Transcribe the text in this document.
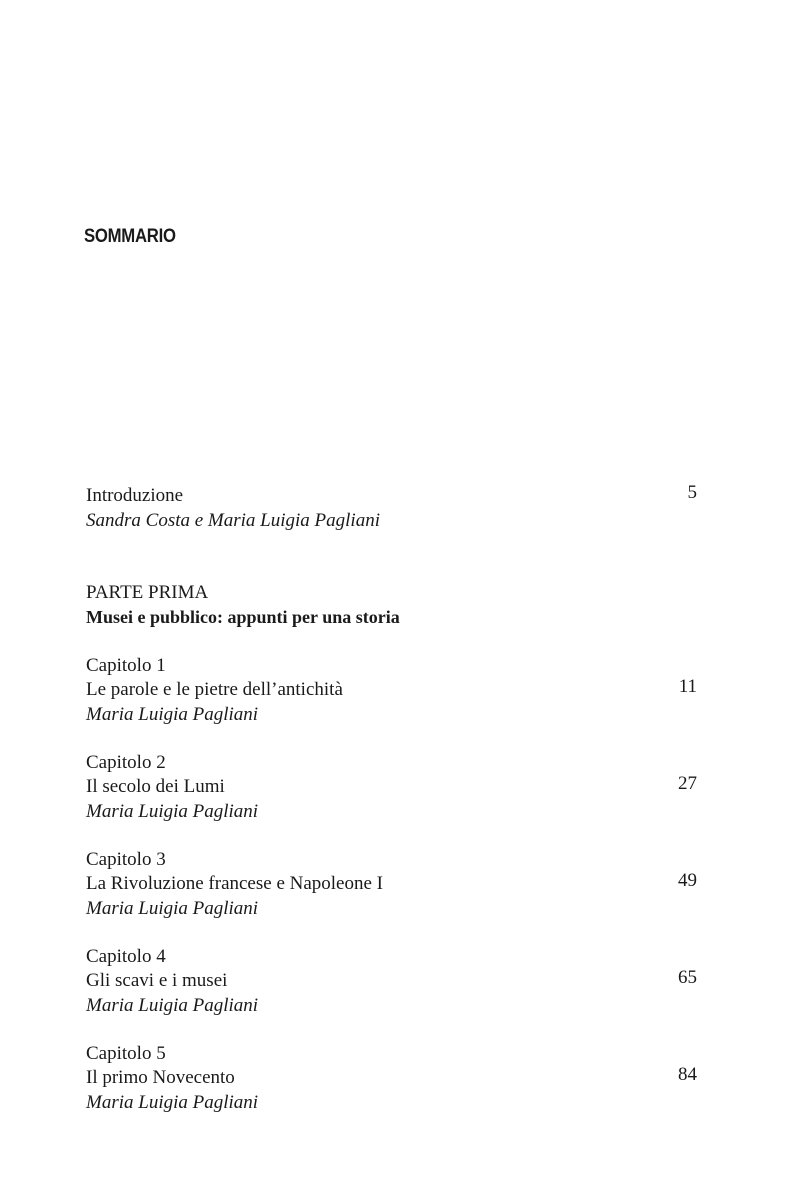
SOMMARIO
Introduzione
Sandra Costa e Maria Luigia Pagliani
5
PARTE PRIMA
Musei e pubblico: appunti per una storia
Capitolo 1
Le parole e le pietre dell’antichità
Maria Luigia Pagliani
11
Capitolo 2
Il secolo dei Lumi
Maria Luigia Pagliani
27
Capitolo 3
La Rivoluzione francese e Napoleone I
Maria Luigia Pagliani
49
Capitolo 4
Gli scavi e i musei
Maria Luigia Pagliani
65
Capitolo 5
Il primo Novecento
Maria Luigia Pagliani
84
